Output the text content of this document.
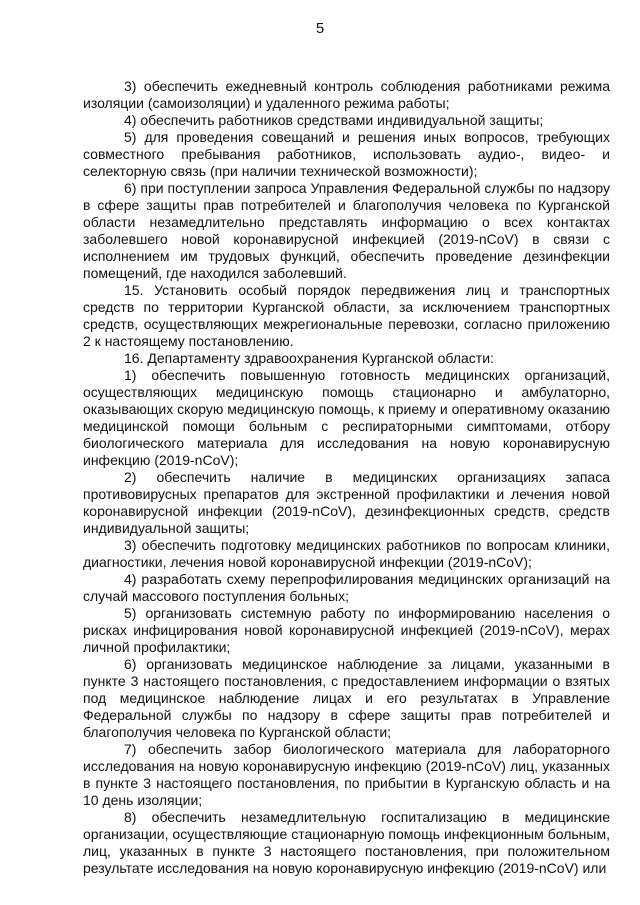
5

3) обеспечить ежедневный контроль соблюдения работниками режима изоляции (самоизоляции) и удаленного режима работы;

4) обеспечить работников средствами индивидуальной защиты;

5) для проведения совещаний и решения иных вопросов, требующих совместного пребывания работников, использовать аудио-, видео- и селекторную связь (при наличии технической возможности);

6) при поступлении запроса Управления Федеральной службы по надзору в сфере защиты прав потребителей и благополучия человека по Курганской области незамедлительно представлять информацию о всех контактах заболевшего новой коронавирусной инфекцией (2019-nCoV) в связи с исполнением им трудовых функций, обеспечить проведение дезинфекции помещений, где находился заболевший.

15. Установить особый порядок передвижения лиц и транспортных средств по территории Курганской области, за исключением транспортных средств, осуществляющих межрегиональные перевозки, согласно приложению 2 к настоящему постановлению.

16. Департаменту здравоохранения Курганской области:

1) обеспечить повышенную готовность медицинских организаций, осуществляющих медицинскую помощь стационарно и амбулаторно, оказывающих скорую медицинскую помощь, к приему и оперативному оказанию медицинской помощи больным с респираторными симптомами, отбору биологического материала для исследования на новую коронавирусную инфекцию (2019-nCoV);

2) обеспечить наличие в медицинских организациях запаса противовирусных препаратов для экстренной профилактики и лечения новой коронавирусной инфекции (2019-nCoV), дезинфекционных средств, средств индивидуальной защиты;

3) обеспечить подготовку медицинских работников по вопросам клиники, диагностики, лечения новой коронавирусной инфекции (2019-nCoV);

4) разработать схему перепрофилирования медицинских организаций на случай массового поступления больных;

5) организовать системную работу по информированию населения о рисках инфицирования новой коронавирусной инфекцией (2019-nCoV), мерах личной профилактики;

6) организовать медицинское наблюдение за лицами, указанными в пункте 3 настоящего постановления, с предоставлением информации о взятых под медицинское наблюдение лицах и его результатах в Управление Федеральной службы по надзору в сфере защиты прав потребителей и благополучия человека по Курганской области;

7) обеспечить забор биологического материала для лабораторного исследования на новую коронавирусную инфекцию (2019-nCoV) лиц, указанных в пункте 3 настоящего постановления, по прибытии в Курганскую область и на 10 день изоляции;

8) обеспечить незамедлительную госпитализацию в медицинские организации, осуществляющие стационарную помощь инфекционным больным, лиц, указанных в пункте 3 настоящего постановления, при положительном результате исследования на новую коронавирусную инфекцию (2019-nCoV) или
